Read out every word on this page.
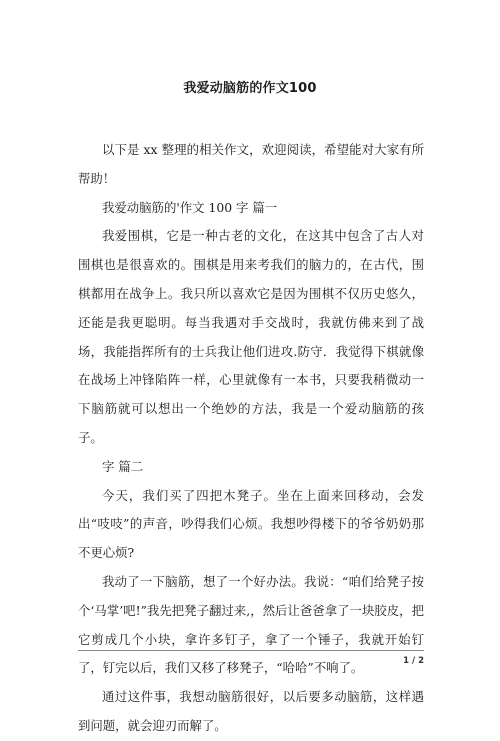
我爱动脑筋的作文100

以下是 xx 整理的相关作文，欢迎阅读，希望能对大家有所帮助！

我爱动脑筋的'作文 100 字 篇一

我爱围棋，它是一种古老的文化，在这其中包含了古人对围棋也是很喜欢的。围棋是用来考我们的脑力的，在古代，围棋都用在战争上。我只所以喜欢它是因为围棋不仅历史悠久，还能是我更聪明。每当我遇对手交战时，我就仿佛来到了战场，我能指挥所有的士兵我让他们进攻.防守．我觉得下棋就像在战场上冲锋陷阵一样，心里就像有一本书，只要我稍微动一下脑筋就可以想出一个绝妙的方法，我是一个爱动脑筋的孩子。

字 篇二

今天，我们买了四把木凳子。坐在上面来回移动，会发出“吱吱”的声音，吵得我们心烦。我想吵得楼下的爷爷奶奶那不更心烦?

我动了一下脑筋，想了一个好办法。我说：“咱们给凳子按个‘马掌’吧!”我先把凳子翻过来,，然后让爸爸拿了一块胶皮，把它剪成几个小块，拿许多钉子，拿了一个锤子，我就开始钉了，钉完以后，我们又移了移凳子，“哈哈”不响了。

通过这件事，我想动脑筋很好，以后要多动脑筋，这样遇到问题，就会迎刃而解了。

1 / 2
